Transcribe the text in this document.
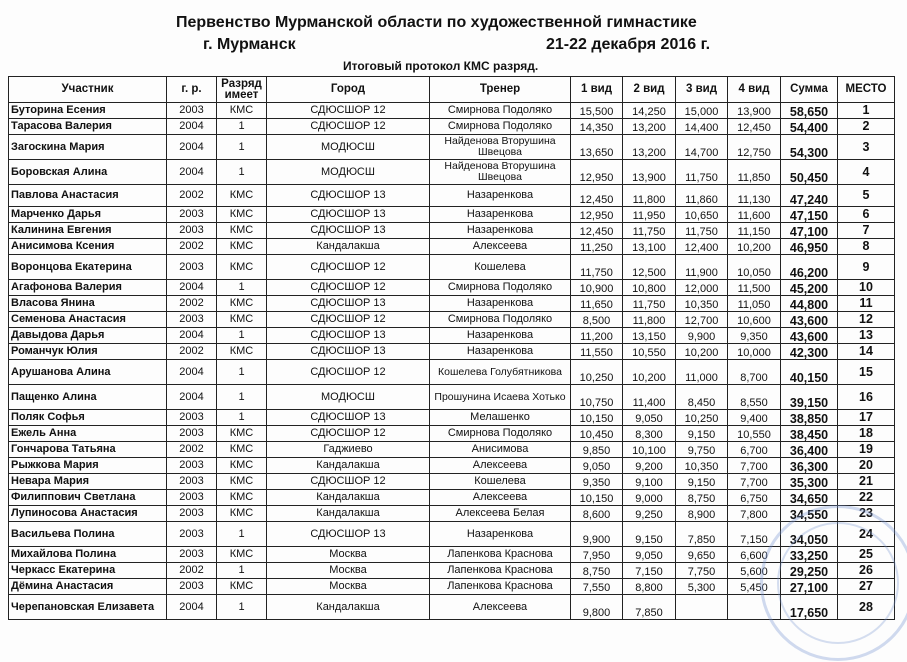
Первенство Мурманской области по художественной гимнастике
г. Мурманск	21-22 декабря 2016 г.
Итоговый протокол КМС разряд.
Участник	г. р.	Разряд имеет	Город	Тренер	1 вид	2 вид	3 вид	4 вид	Сумма	МЕСТО
Буторина Есения	2003	КМС	СДЮСШОР 12	Смирнова Подоляко	15,500	14,250	15,000	13,900	58,650	1
Тарасова Валерия	2004	1	СДЮСШОР 12	Смирнова Подоляко	14,350	13,200	14,400	12,450	54,400	2
Загоскина Мария	2004	1	МОДЮСШ	Найденова Вторушина Швецова	13,650	13,200	14,700	12,750	54,300	3
Боровская Алина	2004	1	МОДЮСШ	Найденова Вторушина Швецова	12,950	13,900	11,750	11,850	50,450	4
Павлова Анастасия	2002	КМС	СДЮСШОР 13	Назаренкова	12,450	11,800	11,860	11,130	47,240	5
Марченко Дарья	2003	КМС	СДЮСШОР 13	Назаренкова	12,950	11,950	10,650	11,600	47,150	6
Калинина Евгения	2003	КМС	СДЮСШОР 13	Назаренкова	12,450	11,750	11,750	11,150	47,100	7
Анисимова Ксения	2002	КМС	Кандалакша	Алексеева	11,250	13,100	12,400	10,200	46,950	8
Воронцова Екатерина	2003	КМС	СДЮСШОР 12	Кошелева	11,750	12,500	11,900	10,050	46,200	9
Агафонова Валерия	2004	1	СДЮСШОР 12	Смирнова Подоляко	10,900	10,800	12,000	11,500	45,200	10
Власова Янина	2002	КМС	СДЮСШОР 13	Назаренкова	11,650	11,750	10,350	11,050	44,800	11
Семенова Анастасия	2003	КМС	СДЮСШОР 12	Смирнова Подоляко	8,500	11,800	12,700	10,600	43,600	12
Давыдова Дарья	2004	1	СДЮСШОР 13	Назаренкова	11,200	13,150	9,900	9,350	43,600	13
Романчук Юлия	2002	КМС	СДЮСШОР 13	Назаренкова	11,550	10,550	10,200	10,000	42,300	14
Арушанова Алина	2004	1	СДЮСШОР 12	Кошелева Голубятникова	10,250	10,200	11,000	8,700	40,150	15
Пащенко Алина	2004	1	МОДЮСШ	Прошунина Исаева Хотько	10,750	11,400	8,450	8,550	39,150	16
Поляк Софья	2003	1	СДЮСШОР 13	Мелашенко	10,150	9,050	10,250	9,400	38,850	17
Ежель Анна	2003	КМС	СДЮСШОР 12	Смирнова Подоляко	10,450	8,300	9,150	10,550	38,450	18
Гончарова Татьяна	2002	КМС	Гаджиево	Анисимова	9,850	10,100	9,750	6,700	36,400	19
Рыжкова Мария	2003	КМС	Кандалакша	Алексеева	9,050	9,200	10,350	7,700	36,300	20
Невара Мария	2003	КМС	СДЮСШОР 12	Кошелева	9,350	9,100	9,150	7,700	35,300	21
Филиппович Светлана	2003	КМС	Кандалакша	Алексеева	10,150	9,000	8,750	6,750	34,650	22
Лупиносова Анастасия	2003	КМС	Кандалакша	Алексеева Белая	8,600	9,250	8,900	7,800	34,550	23
Васильева Полина	2003	1	СДЮСШОР 13	Назаренкова	9,900	9,150	7,850	7,150	34,050	24
Михайлова Полина	2003	КМС	Москва	Лапенкова Краснова	7,950	9,050	9,650	6,600	33,250	25
Черкасс Екатерина	2002	1	Москва	Лапенкова Краснова	8,750	7,150	7,750	5,600	29,250	26
Дёмина Анастасия	2003	КМС	Москва	Лапенкова Краснова	7,550	8,800	5,300	5,450	27,100	27
Черепановская Елизавета	2004	1	Кандалакша	Алексеева	9,800	7,850			17,650	28
